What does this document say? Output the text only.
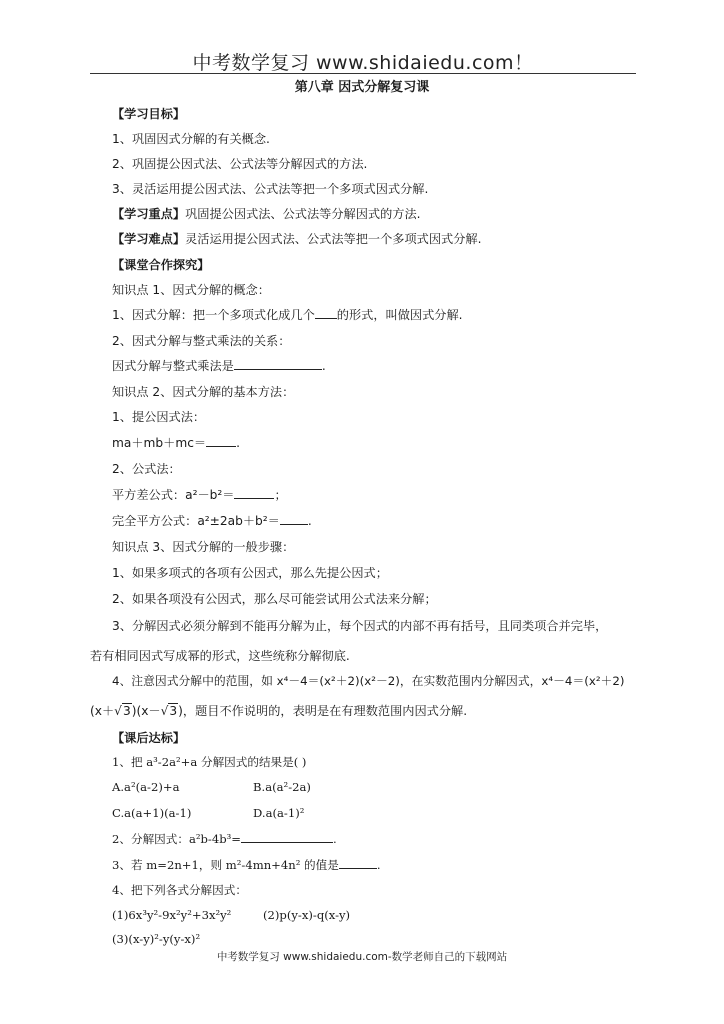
中考数学复习 www.shidaiedu.com！
第八章 因式分解复习课
【学习目标】
1、巩固因式分解的有关概念.
2、巩固提公因式法、公式法等分解因式的方法.
3、灵活运用提公因式法、公式法等把一个多项式因式分解.
【学习重点】巩固提公因式法、公式法等分解因式的方法.
【学习难点】灵活运用提公因式法、公式法等把一个多项式因式分解.
【课堂合作探究】
知识点 1、因式分解的概念：
1、因式分解：把一个多项式化成几个 的形式，叫做因式分解.
2、因式分解与整式乘法的关系：
因式分解与整式乘法是	.
知识点 2、因式分解的基本方法：
1、提公因式法：
ma＋mb＋mc＝ .
2、公式法：
平方差公式：a²－b²＝	；
完全平方公式：a²±2ab＋b²＝ .
知识点 3、因式分解的一般步骤：
1、如果多项式的各项有公因式，那么先提公因式；
2、如果各项没有公因式，那么尽可能尝试用公式法来分解；
3、分解因式必须分解到不能再分解为止，每个因式的内部不再有括号，且同类项合并完毕，
若有相同因式写成幂的形式，这些统称分解彻底.
4、注意因式分解中的范围，如 x⁴－4＝(x²＋2)(x²－2)，在实数范围内分解因式，x⁴－4＝(x²＋2)
(x＋√3)(x－√3)，题目不作说明的，表明是在有理数范围内因式分解.
【课后达标】
1、把 a³-2a²+a 分解因式的结果是( )
A.a²(a-2)+a	B.a(a²-2a)
C.a(a+1)(a-1)	D.a(a-1)²
2、分解因式：a²b-4b³=	.
3、若 m=2n+1，则 m²-4mn+4n² 的值是	.
4、把下列各式分解因式：
(1)6x³y²-9x²y²+3x²y²	(2)p(y-x)-q(x-y)
(3)(x-y)²-y(y-x)²
中考数学复习 www.shidaiedu.com-数学老师自己的下载网站
